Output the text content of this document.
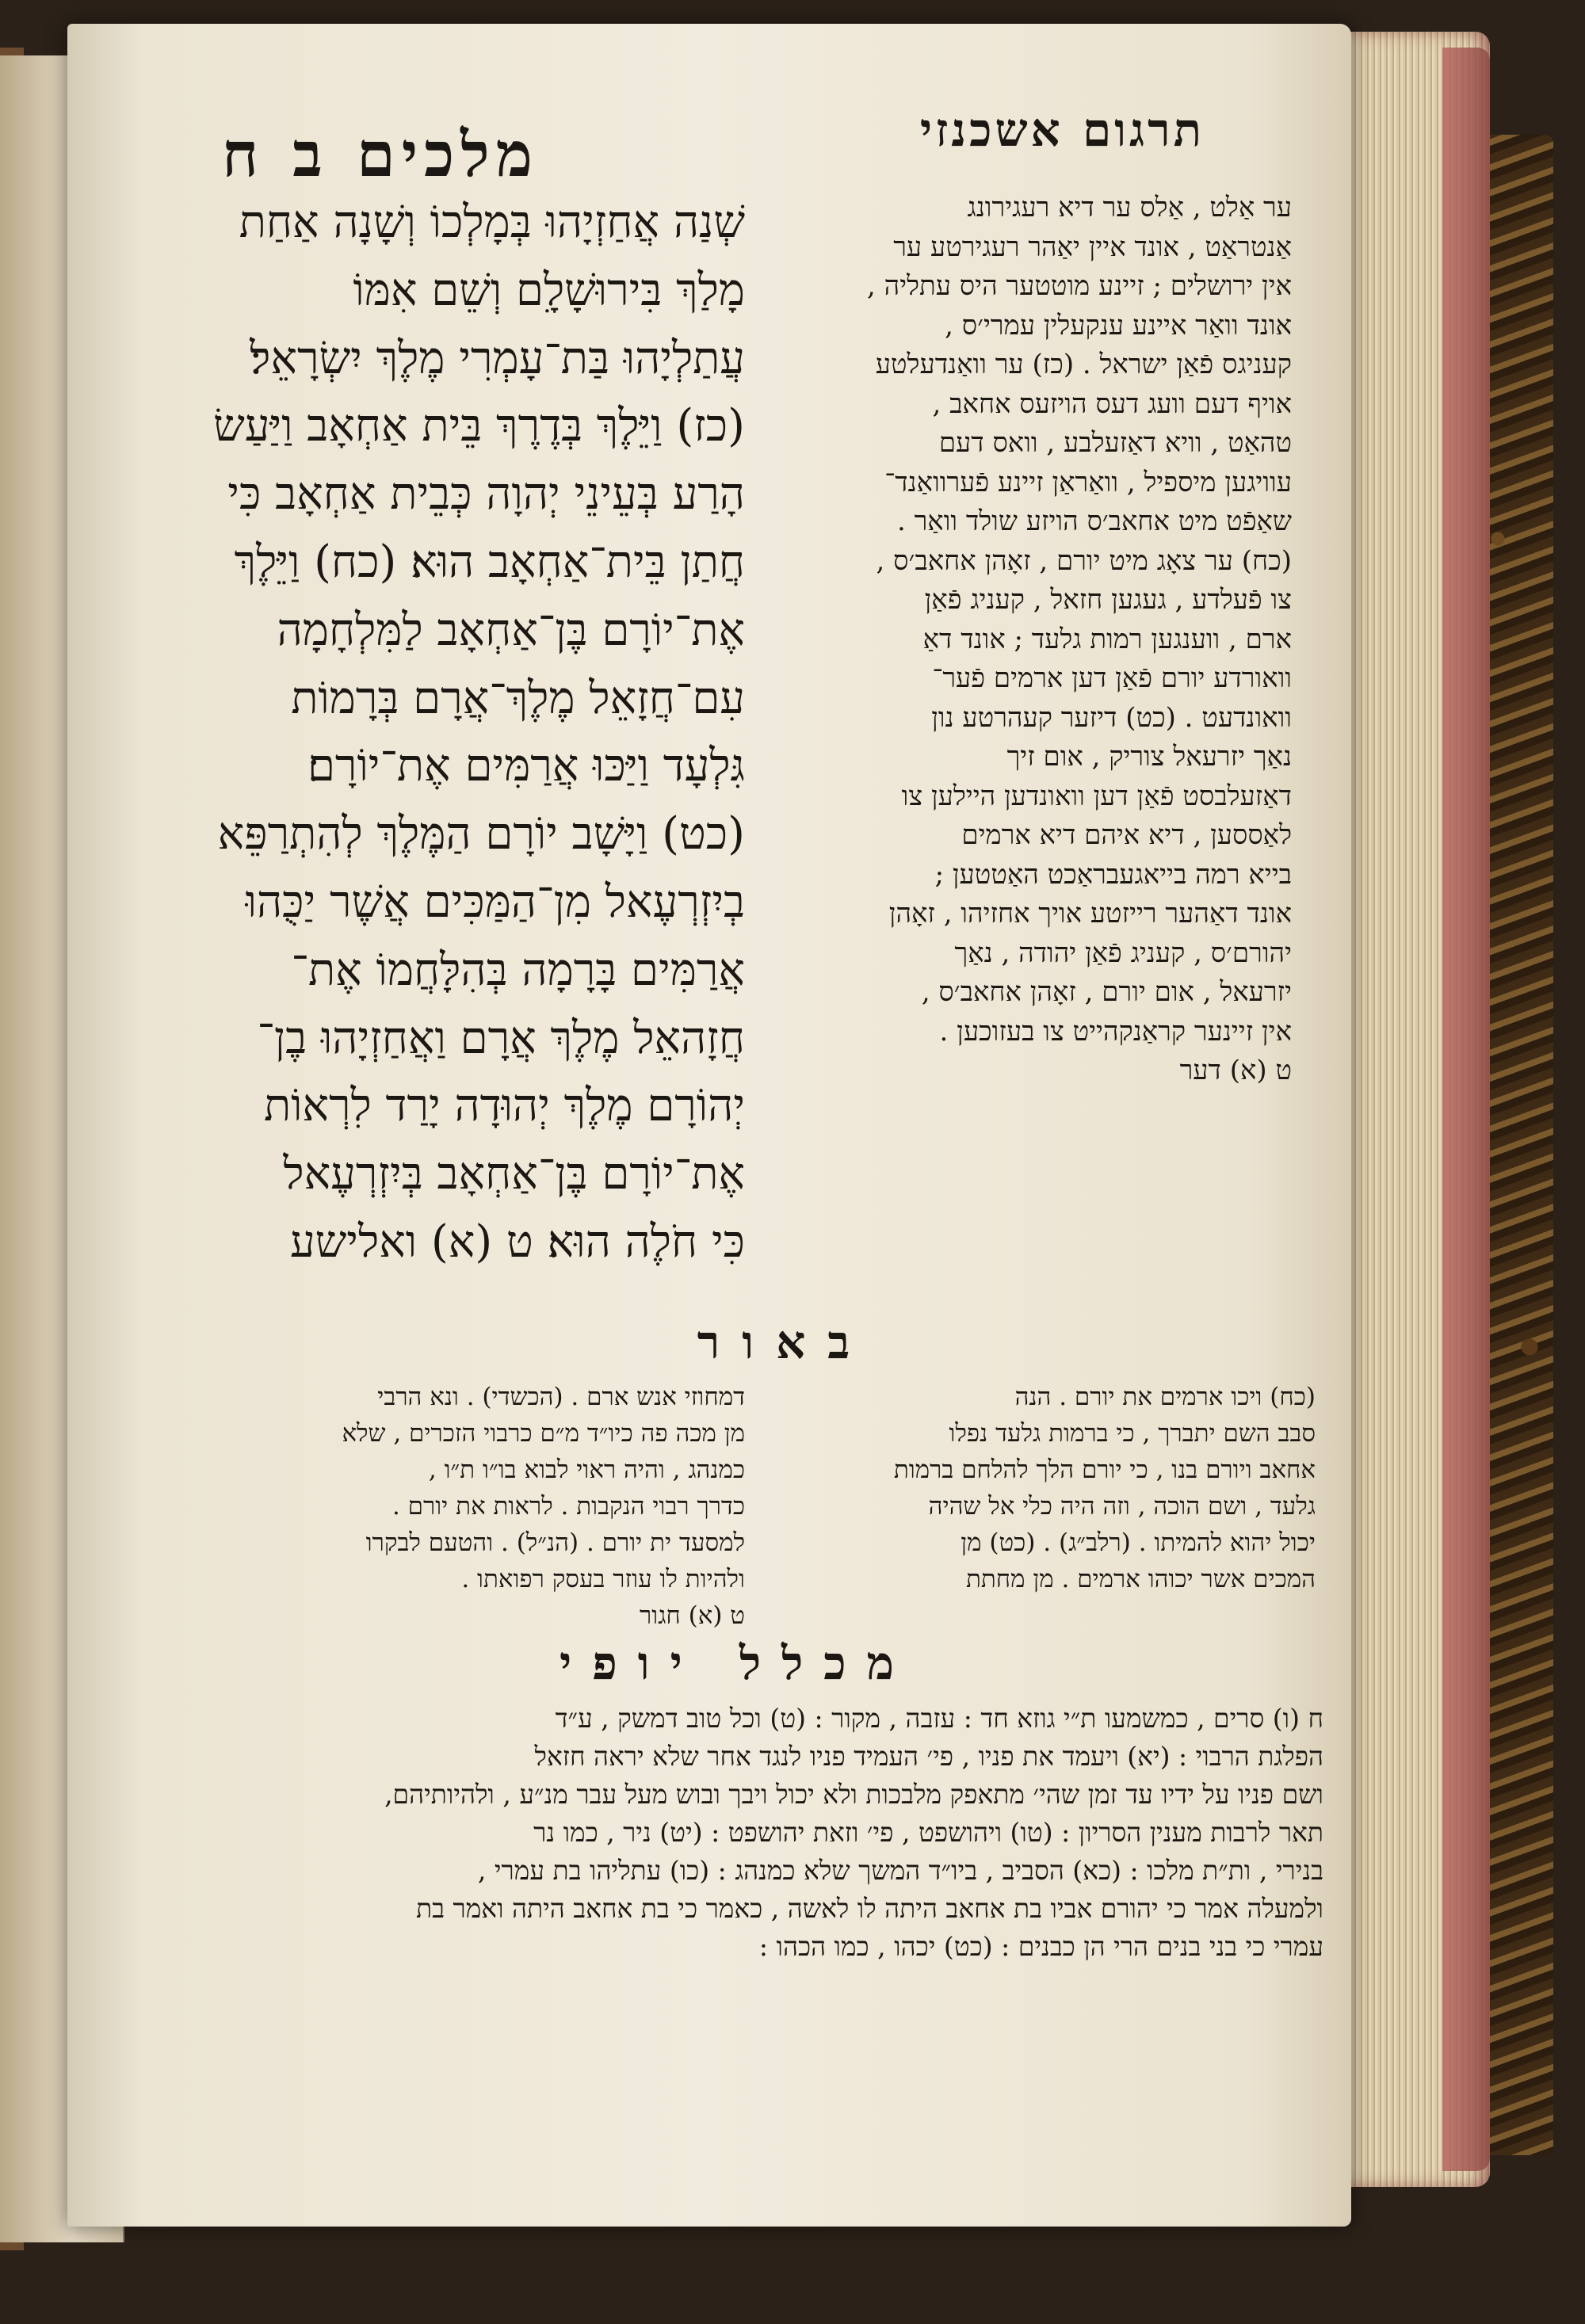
תרגום אשכנזי
מלכים ב ח
שְׁנַה אֲחַזְיָהוּ בְּמָלְכוֹ וְשָׁנָה אַחַת
מָלַךְ בִּירוּשָׁלִָם וְשֵׁם אִמּוֹ
עֲתַלְיָהוּ בַּת־עָמְרִי מֶלֶךְ יִשְׂרָאֵל׃
(כז) וַיֵּלֶךְ בְּדֶרֶךְ בֵּית אַחְאָב וַיַּעַשׂ
הָרַע בְּעֵינֵי יְהוָה כְּבֵית אַחְאָב כִּי
חֲתַן בֵּית־אַחְאָב הוּא׃ (כח) וַיֵּלֶךְ
אֶת־יוֹרָם בֶּן־אַחְאָב לַמִּלְחָמָה
עִם־חֲזָאֵל מֶלֶךְ־אֲרָם בְּרָמוֹת
גִּלְעָד וַיַּכּוּ אֲרַמִּים אֶת־יוֹרָם׃
(כט) וַיָּשָׁב יוֹרָם הַמֶּלֶךְ לְהִתְרַפֵּא
בְיִזְרְעֶאל מִן־הַמַּכִּים אֲשֶׁר יַכֻּהוּ
אֲרַמִּים בָּרָמָה בְּהִלָּחֲמוֹ אֶת־
חֲזָהאֵל מֶלֶךְ אֲרָם וַאֲחַזְיָהוּ בֶן־
יְהוֹרָם מֶלֶךְ יְהוּדָה יָרַד לִרְאוֹת
אֶת־יוֹרָם בֶּן־אַחְאָב בְּיִזְרְעֶאל
כִּי חֹלֶה הוּא׃ ט (א) ואלישע
ער אַלט , אַלס ער דיא רעגירונג
אַנטראַט , אונד איין יאַהר רעגירטע ער
אין ירושלים ; זיינע מוטטער היס עתליה ,
אונד וואַר איינע ענקעלין עמרי׳ס ,
קעניגס פֿאַן ישראל . (כז) ער וואַנדעלטע
אויף דעם וועג דעס הויזעס אחאב ,
טהאַט , וויא דאַזעלבע , וואס דעם
עוויגען מיספיל , וואַראַן זיינע פֿערוואַנד־
שאַפֿט מיט אחאב׳ס הויזע שולד וואַר .
(כח) ער צאָג מיט יורם , זאָהן אחאב׳ס ,
צו פֿעלדע , געגען חזאל , קעניג פֿאַן
ארם , ווענגען רמות גלעד ; אונד דאַ
וואורדע יורם פֿאַן דען ארמים פֿער־
וואונדעט . (כט) דיזער קעהרטע נון
נאַך יזרעאל צוריק , אום זיך
דאַזעלבסט פֿאַן דען וואונדען היילען צו
לאַססען , דיא איהם דיא ארמים
בייא רמה בייאגעבראַכט האַטטען ;
אונד דאַהער רייזטע אויך אחזיהו , זאָהן
יהורם׳ס , קעניג פֿאַן יהודה , נאַך
יזרעאל , אום יורם , זאָהן אחאב׳ס ,
אין זיינער קראַנקהייט צו בעזוכען .
ט (א) דער
באור
(כח) ויכו ארמים את יורם . הנה
סבב השם יתברך , כי ברמות גלעד נפלו
אחאב ויורם בנו , כי יורם הלך להלחם ברמות
גלעד , ושם הוכה , וזה היה כלי אל שהיה
יכול יהוא להמיתו . (רלב״ג) . (כט) מן
המכים אשר יכוהו ארמים . מן מחתת
דמחוזי אנש ארם . (הכשדי) . ונא הרבי
מן מכה פה כיו״ד מ״ם כרבוי הזכרים , שלא
כמנהג , והיה ראוי לבוא בו״ו ת״ו ,
כדרך רבוי הנקבות . לראות את יורם .
למסעד ית יורם . (הנ״ל) . והטעם לבקרו
ולהיות לו עוזר בעסק רפואתו .
ט (א) חגור
מכלל יופי
ח (ו) סרים , כמשמעו ת״י גוזא חד : עזבה , מקור : (ט) וכל טוב דמשק , ע״ד
הפלגת הרבוי : (יא) ויעמד את פניו , פי׳ העמיד פניו לנגד אחר שלא יראה חזאל
ושם פניו על ידיו עד זמן שהי׳ מתאפק מלבכות ולא יכול ויבך ובוש מעל עבר מנ״ע , ולהיותיהם,
תאר לרבות מענין הסריון : (טו) ויהושפט , פי׳ וזאת יהושפט : (יט) ניר , כמו נר
בנירי , ות״ת מלכו : (כא) הסביב , ביו״ד המשך שלא כמנהג : (כו) עתליהו בת עמרי ,
ולמעלה אמר כי יהורם אביו בת אחאב היתה לו לאשה , כאמר כי בת אחאב היתה ואמר בת
עמרי כי בני בנים הרי הן כבנים : (כט) יכהו , כמו הכהו :
